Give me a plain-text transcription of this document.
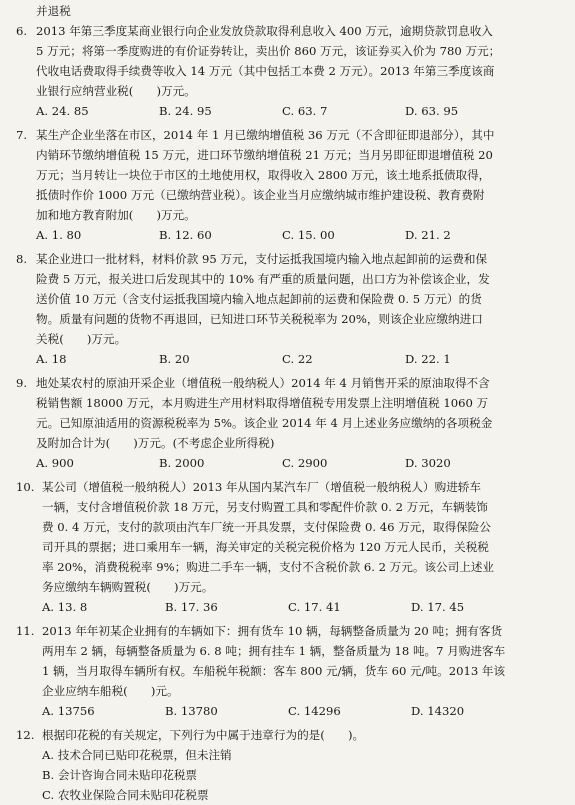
并退税
6. 2013 年第三季度某商业银行向企业发放贷款取得利息收入 400 万元，逾期贷款罚息收入
5 万元；将第一季度购进的有价证券转让，卖出价 860 万元，该证券买入价为 780 万元；
代收电话费取得手续费等收入 14 万元（其中包括工本费 2 万元）。2013 年第三季度该商
业银行应纳营业税(　　)万元。
A. 24. 85	B. 24. 95	C. 63. 7	D. 63. 95
7. 某生产企业坐落在市区，2014 年 1 月已缴纳增值税 36 万元（不含即征即退部分），其中
内销环节缴纳增值税 15 万元，进口环节缴纳增值税 21 万元；当月另即征即退增值税 20
万元；当月转让一块位于市区的土地使用权，取得收入 2800 万元，该土地系抵债取得，
抵债时作价 1000 万元（已缴纳营业税）。该企业当月应缴纳城市维护建设税、教育费附
加和地方教育附加(　　)万元。
A. 1. 80	B. 12. 60	C. 15. 00	D. 21. 2
8. 某企业进口一批材料，材料价款 95 万元，支付运抵我国境内输入地点起卸前的运费和保
险费 5 万元，报关进口后发现其中的 10% 有严重的质量问题，出口方为补偿该企业，发
送价值 10 万元（含支付运抵我国境内输入地点起卸前的运费和保险费 0. 5 万元）的货
物。质量有问题的货物不再退回，已知进口环节关税税率为 20%，则该企业应缴纳进口
关税(　　)万元。
A. 18	B. 20	C. 22	D. 22. 1
9. 地处某农村的原油开采企业（增值税一般纳税人）2014 年 4 月销售开采的原油取得不含
税销售额 18000 万元，本月购进生产用材料取得增值税专用发票上注明增值税 1060 万
元。已知原油适用的资源税税率为 5%。该企业 2014 年 4 月上述业务应缴纳的各项税金
及附加合计为(　　)万元。(不考虑企业所得税)
A. 900	B. 2000	C. 2900	D. 3020
10. 某公司（增值税一般纳税人）2013 年从国内某汽车厂（增值税一般纳税人）购进轿车
一辆，支付含增值税价款 18 万元，另支付购置工具和零配件价款 0. 2 万元，车辆装饰
费 0. 4 万元，支付的款项由汽车厂统一开具发票，支付保险费 0. 46 万元，取得保险公
司开具的票据；进口乘用车一辆，海关审定的关税完税价格为 120 万元人民币，关税税
率 20%，消费税税率 9%；购进二手车一辆，支付不含税价款 6. 2 万元。该公司上述业
务应缴纳车辆购置税(　　)万元。
A. 13. 8	B. 17. 36	C. 17. 41	D. 17. 45
11. 2013 年年初某企业拥有的车辆如下：拥有货车 10 辆，每辆整备质量为 20 吨；拥有客货
两用车 2 辆，每辆整备质量为 6. 8 吨；拥有挂车 1 辆，整备质量为 18 吨。7 月购进客车
1 辆，当月取得车辆所有权。车船税年税额：客车 800 元/辆，货车 60 元/吨。2013 年该
企业应纳车船税(　　)元。
A. 13756	B. 13780	C. 14296	D. 14320
12. 根据印花税的有关规定，下列行为中属于违章行为的是(　　)。
A. 技术合同已贴印花税票，但未注销
B. 会计咨询合同未贴印花税票
C. 农牧业保险合同未贴印花税票
